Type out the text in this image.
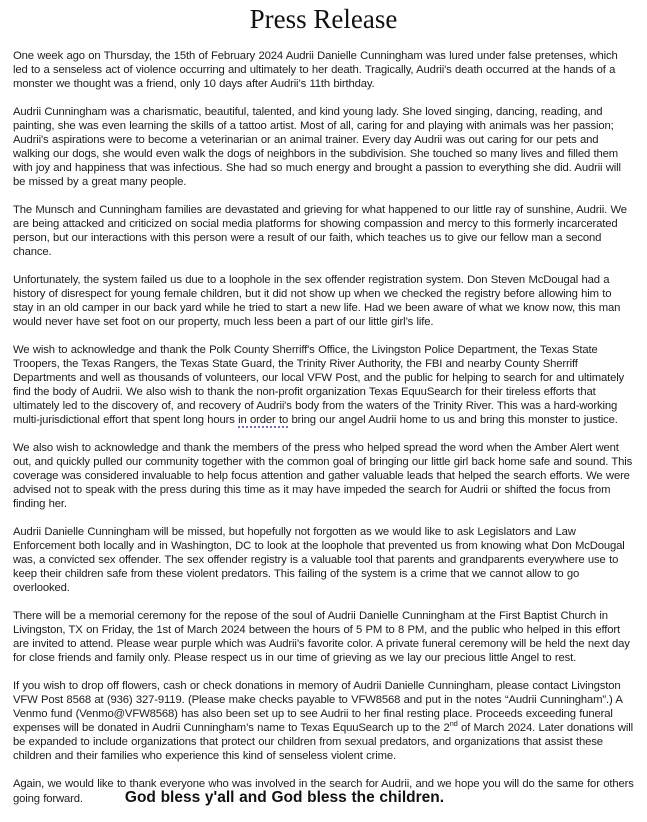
Press Release

One week ago on Thursday, the 15th of February 2024 Audrii Danielle Cunningham was lured under false pretenses, which led to a senseless act of violence occurring and ultimately to her death. Tragically, Audrii's death occurred at the hands of a monster we thought was a friend, only 10 days after Audrii’s 11th birthday.

Audrii Cunningham was a charismatic, beautiful, talented, and kind young lady. She loved singing, dancing, reading, and painting, she was even learning the skills of a tattoo artist. Most of all, caring for and playing with animals was her passion; Audrii's aspirations were to become a veterinarian or an animal trainer. Every day Audrii was out caring for our pets and walking our dogs, she would even walk the dogs of neighbors in the subdivision. She touched so many lives and filled them with joy and happiness that was infectious. She had so much energy and brought a passion to everything she did. Audrii will be missed by a great many people.

The Munsch and Cunningham families are devastated and grieving for what happened to our little ray of sunshine, Audrii. We are being attacked and criticized on social media platforms for showing compassion and mercy to this formerly incarcerated person, but our interactions with this person were a result of our faith, which teaches us to give our fellow man a second chance.

Unfortunately, the system failed us due to a loophole in the sex offender registration system. Don Steven McDougal had a history of disrespect for young female children, but it did not show up when we checked the registry before allowing him to stay in an old camper in our back yard while he tried to start a new life. Had we been aware of what we know now, this man would never have set foot on our property, much less been a part of our little girl’s life.

We wish to acknowledge and thank the Polk County Sherriff's Office, the Livingston Police Department, the Texas State Troopers, the Texas Rangers, the Texas State Guard, the Trinity River Authority, the FBI and nearby County Sherriff Departments and well as thousands of volunteers, our local VFW Post, and the public for helping to search for and ultimately find the body of Audrii. We also wish to thank the non-profit organization Texas EquuSearch for their tireless efforts that ultimately led to the discovery of, and recovery of Audrii's body from the waters of the Trinity River. This was a hard-working multi-jurisdictional effort that spent long hours in order to bring our angel Audrii home to us and bring this monster to justice.

We also wish to acknowledge and thank the members of the press who helped spread the word when the Amber Alert went out, and quickly pulled our community together with the common goal of bringing our little girl back home safe and sound. This coverage was considered invaluable to help focus attention and gather valuable leads that helped the search efforts. We were advised not to speak with the press during this time as it may have impeded the search for Audrii or shifted the focus from finding her.

Audrii Danielle Cunningham will be missed, but hopefully not forgotten as we would like to ask Legislators and Law Enforcement both locally and in Washington, DC to look at the loophole that prevented us from knowing what Don McDougal was, a convicted sex offender. The sex offender registry is a valuable tool that parents and grandparents everywhere use to keep their children safe from these violent predators. This failing of the system is a crime that we cannot allow to go overlooked.

There will be a memorial ceremony for the repose of the soul of Audrii Danielle Cunningham at the First Baptist Church in Livingston, TX on Friday, the 1st of March 2024 between the hours of 5 PM to 8 PM, and the public who helped in this effort are invited to attend. Please wear purple which was Audrii’s favorite color. A private funeral ceremony will be held the next day for close friends and family only. Please respect us in our time of grieving as we lay our precious little Angel to rest.

If you wish to drop off flowers, cash or check donations in memory of Audrii Danielle Cunningham, please contact Livingston VFW Post 8568 at (936) 327-9119. (Please make checks payable to VFW8568 and put in the notes “Audrii Cunningham”.) A Venmo fund (Venmo@VFW8568) has also been set up to see Audrii to her final resting place. Proceeds exceeding funeral expenses will be donated in Audrii Cunningham’s name to Texas EquuSearch up to the 2nd of March 2024. Later donations will be expanded to include organizations that protect our children from sexual predators, and organizations that assist these children and their families who experience this kind of senseless violent crime.

Again, we would like to thank everyone who was involved in the search for Audrii, and we hope you will do the same for others going forward.	God bless y'all and God bless the children.
